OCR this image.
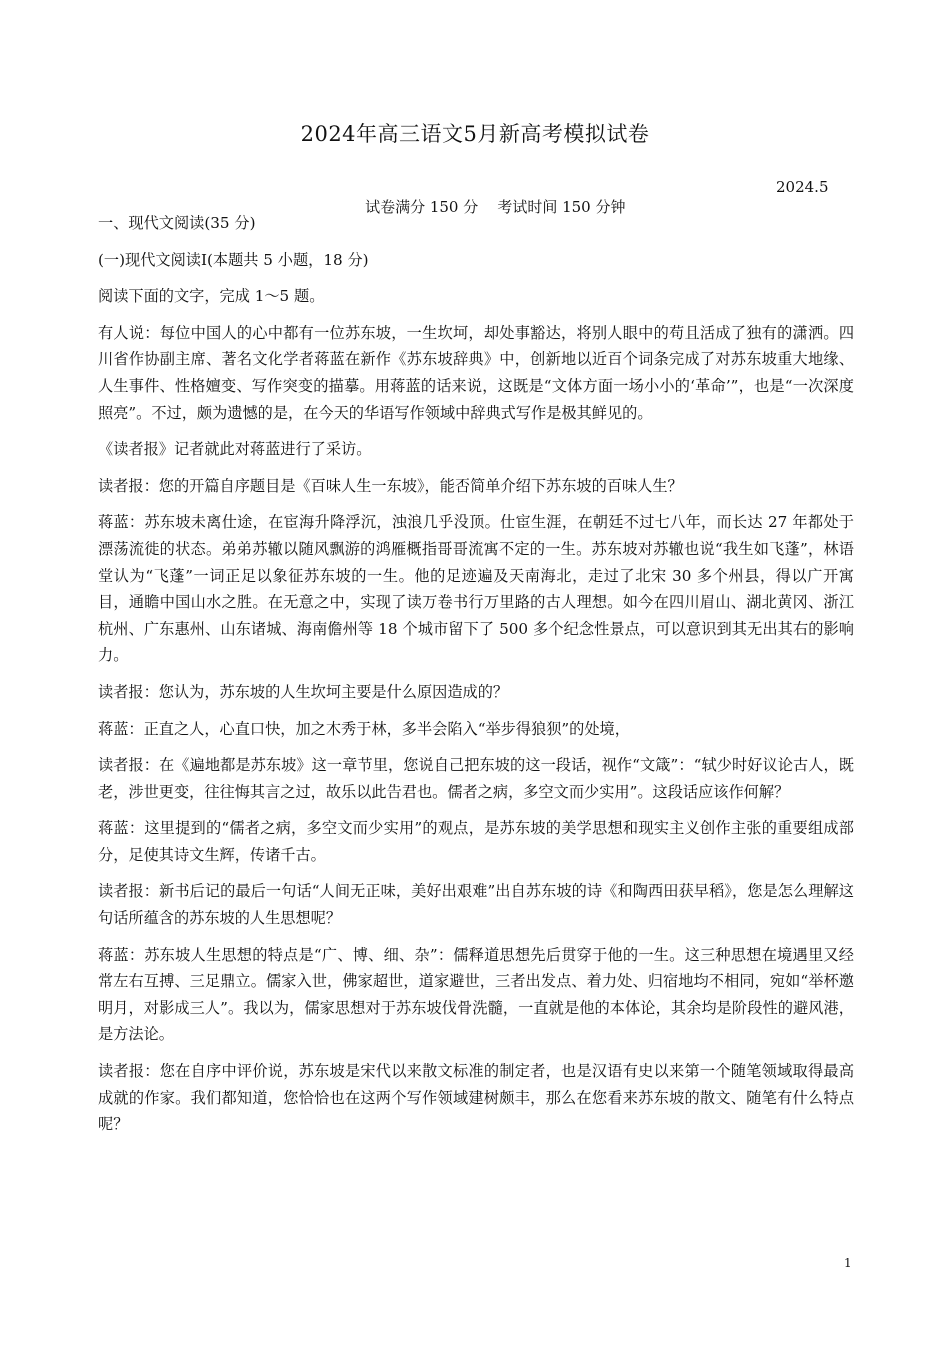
2024年高三语文5月新高考模拟试卷

试卷满分 150 分    考试时间 150 分钟

2024.5

一、现代文阅读(35 分)

(一)现代文阅读Ⅰ(本题共 5 小题，18 分)

阅读下面的文字，完成 1～5 题。

有人说：每位中国人的心中都有一位苏东坡，一生坎坷，却处事豁达，将别人眼中的苟且活成了独有的潇洒。四川省作协副主席、著名文化学者蒋蓝在新作《苏东坡辞典》中，创新地以近百个词条完成了对苏东坡重大地缘、人生事件、性格嬗变、写作突变的描摹。用蒋蓝的话来说，这既是“文体方面一场小小的‘革命’”，也是“一次深度照亮”。不过，颇为遗憾的是，在今天的华语写作领域中辞典式写作是极其鲜见的。

《读者报》记者就此对蒋蓝进行了采访。

读者报：您的开篇自序题目是《百味人生一东坡》，能否简单介绍下苏东坡的百味人生？

蒋蓝：苏东坡未离仕途，在宦海升降浮沉，浊浪几乎没顶。仕宦生涯，在朝廷不过七八年，而长达 27 年都处于漂荡流徙的状态。弟弟苏辙以随风飘游的鸿雁概指哥哥流寓不定的一生。苏东坡对苏辙也说“我生如飞蓬”，林语堂认为“飞蓬”一词正足以象征苏东坡的一生。他的足迹遍及天南海北，走过了北宋 30 多个州县，得以广开寓目，通瞻中国山水之胜。在无意之中，实现了读万卷书行万里路的古人理想。如今在四川眉山、湖北黄冈、浙江杭州、广东惠州、山东诸城、海南儋州等 18 个城市留下了 500 多个纪念性景点，可以意识到其无出其右的影响力。

读者报：您认为，苏东坡的人生坎坷主要是什么原因造成的？

蒋蓝：正直之人，心直口快，加之木秀于林，多半会陷入“举步得狼狈”的处境，

读者报：在《遍地都是苏东坡》这一章节里，您说自己把东坡的这一段话，视作“文箴”：“轼少时好议论古人，既老，涉世更变，往往悔其言之过，故乐以此告君也。儒者之病，多空文而少实用”。这段话应该作何解？

蒋蓝：这里提到的“儒者之病，多空文而少实用”的观点，是苏东坡的美学思想和现实主义创作主张的重要组成部分，足使其诗文生辉，传诸千古。

读者报：新书后记的最后一句话“人间无正味，美好出艰难”出自苏东坡的诗《和陶西田获早稻》，您是怎么理解这句话所蕴含的苏东坡的人生思想呢？

蒋蓝：苏东坡人生思想的特点是“广、博、细、杂”：儒释道思想先后贯穿于他的一生。这三种思想在境遇里又经常左右互搏、三足鼎立。儒家入世，佛家超世，道家避世，三者出发点、着力处、归宿地均不相同，宛如“举杯邀明月，对影成三人”。我以为，儒家思想对于苏东坡伐骨洗髓，一直就是他的本体论，其余均是阶段性的避风港，是方法论。

读者报：您在自序中评价说，苏东坡是宋代以来散文标准的制定者，也是汉语有史以来第一个随笔领域取得最高成就的作家。我们都知道，您恰恰也在这两个写作领域建树颇丰，那么在您看来苏东坡的散文、随笔有什么特点呢？

1
